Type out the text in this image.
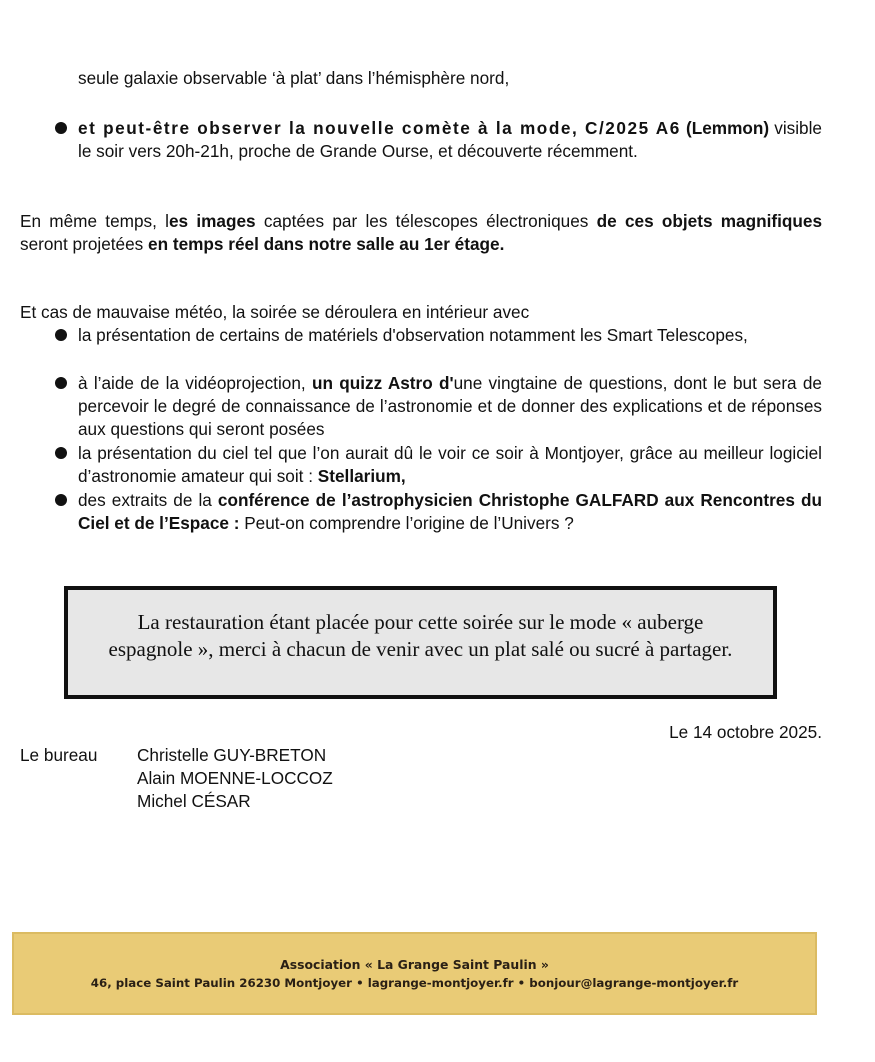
seule galaxie observable ‘à plat’ dans l’hémisphère nord,
et peut-être observer la nouvelle comète à la mode, C/2025 A6 (Lemmon) visible le soir vers 20h-21h, proche de Grande Ourse, et découverte récemment.
En même temps, les images captées par les télescopes électroniques de ces objets magnifiques seront projetées en temps réel dans notre salle au 1er étage.
Et cas de mauvaise météo, la soirée se déroulera en intérieur avec
la présentation de certains de matériels d'observation notamment les Smart Telescopes,
à l’aide de la vidéoprojection, un quizz Astro d'une vingtaine de questions, dont le but sera de percevoir le degré de connaissance de l’astronomie et de donner des explications et de réponses aux questions qui seront posées
la présentation du ciel tel que l’on aurait dû le voir ce soir à Montjoyer, grâce au meilleur logiciel d’astronomie amateur qui soit : Stellarium,
des extraits de la conférence de l’astrophysicien Christophe GALFARD aux Rencontres du Ciel et de l’Espace : Peut-on comprendre l’origine de l’Univers ?
La restauration étant placée pour cette soirée sur le mode « auberge
espagnole », merci à chacun de venir avec un plat salé ou sucré à partager.
Le 14 octobre 2025.
Le bureau Christelle GUY-BRETON
Alain MOENNE-LOCCOZ
Michel CÉSAR
Association « La Grange Saint Paulin »
46, place Saint Paulin 26230 Montjoyer • lagrange-montjoyer.fr • bonjour@lagrange-montjoyer.fr
